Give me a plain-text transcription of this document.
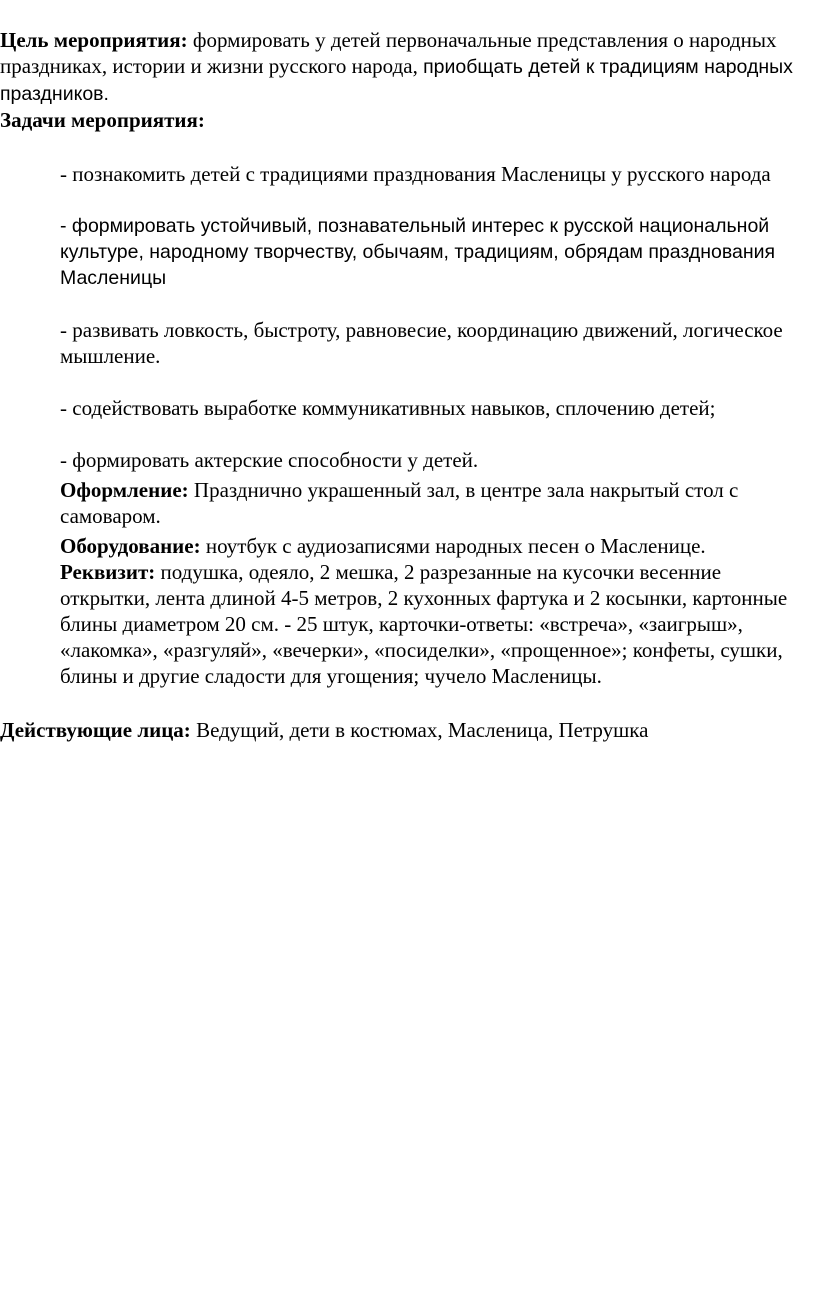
Цель мероприятия: формировать у детей первоначальные представления о народных праздниках, истории и жизни русского народа, приобщать детей к традициям народных праздников.

Задачи мероприятия:

- познакомить детей с традициями празднования Масленицы у русского народа

- формировать устойчивый, познавательный интерес к русской национальной культуре, народному творчеству, обычаям, традициям, обрядам празднования Масленицы

- развивать ловкость, быстроту, равновесие, координацию движений, логическое мышление.

- содействовать выработке коммуникативных навыков, сплочению детей;

- формировать актерские способности у детей.

Оформление: Празднично украшенный зал, в центре зала накрытый стол с самоваром.

Оборудование: ноутбук с аудиозаписями народных песен о Масленице. Реквизит: подушка, одеяло, 2 мешка, 2 разрезанные на кусочки весенние открытки, лента длиной 4-5 метров, 2 кухонных фартука и 2 косынки, картонные блины диаметром 20 см. - 25 штук, карточки-ответы: «встреча», «заигрыш», «лакомка», «разгуляй», «вечерки», «посиделки», «прощенное»; конфеты, сушки, блины и другие сладости для угощения; чучело Масленицы.

Действующие лица: Ведущий, дети в костюмах, Масленица, Петрушка
